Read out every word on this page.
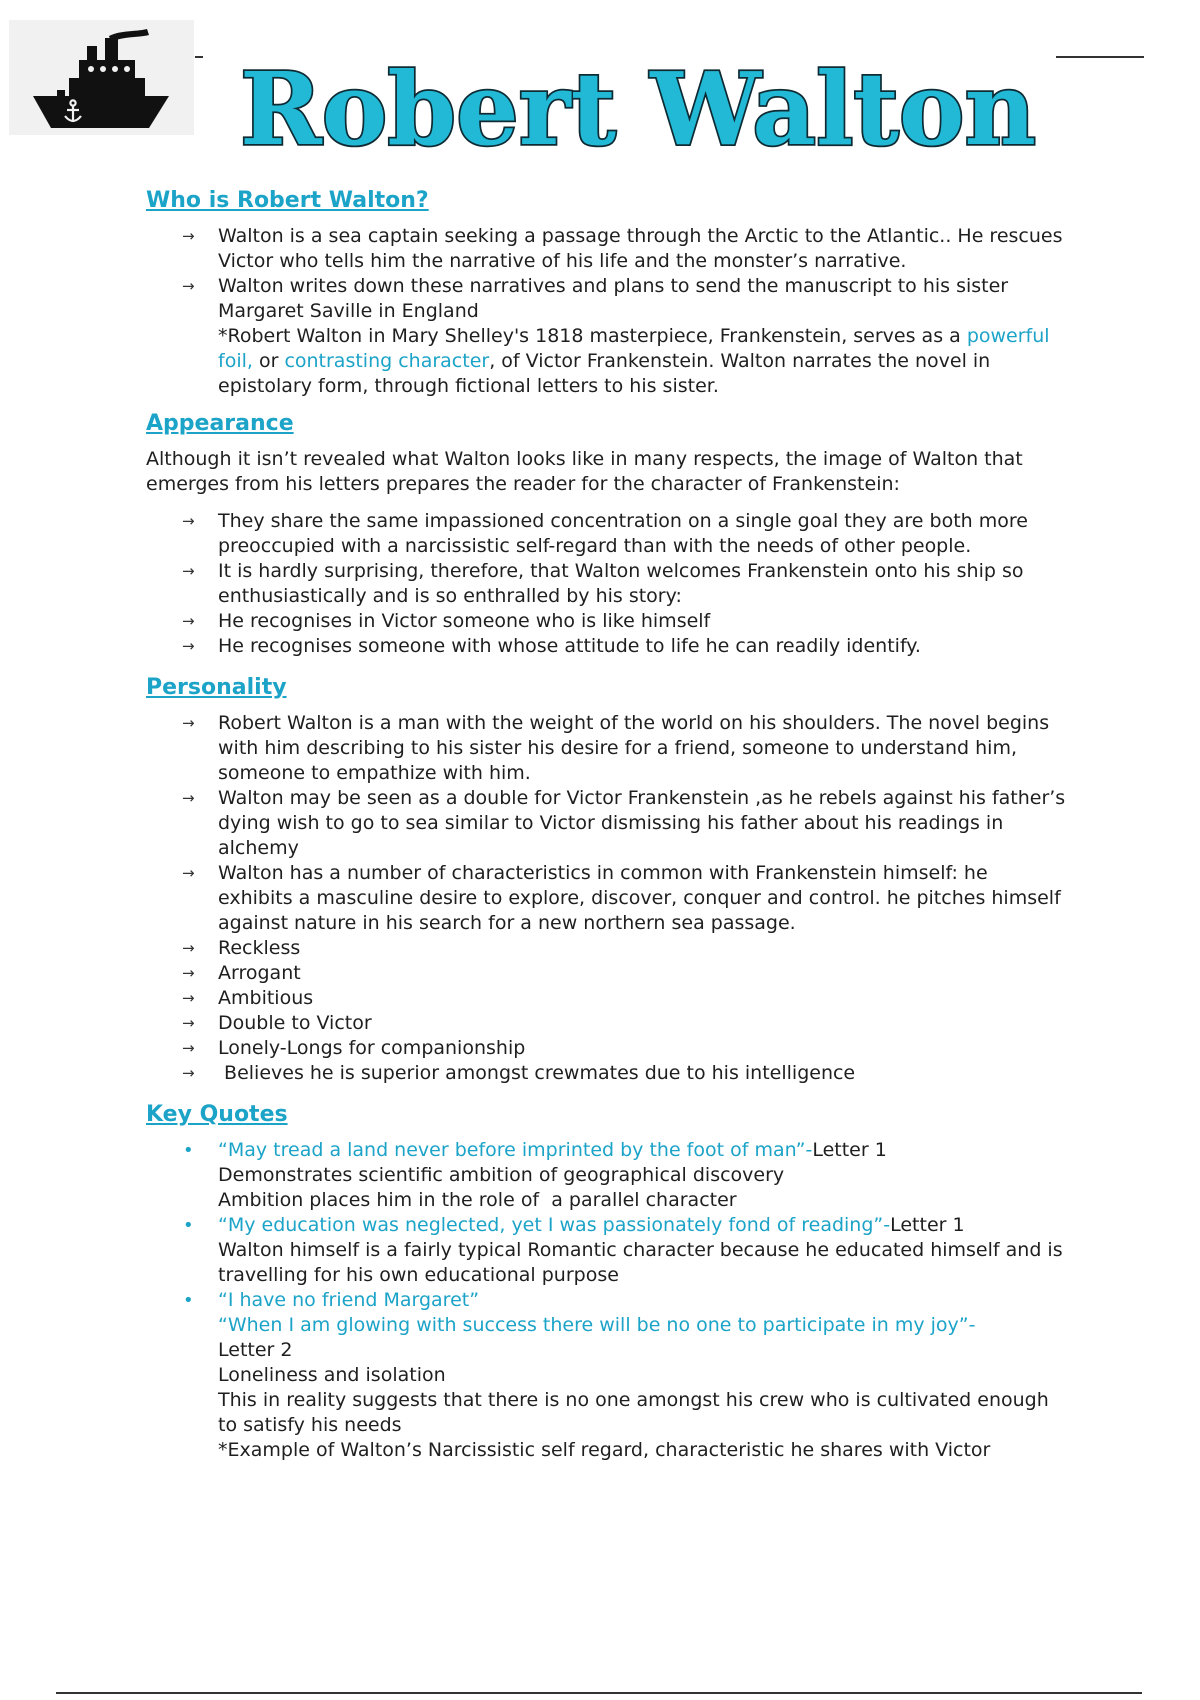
Robert Walton
Who is Robert Walton?
→ Walton is a sea captain seeking a passage through the Arctic to the Atlantic.. He rescues Victor who tells him the narrative of his life and the monster’s narrative.
→ Walton writes down these narratives and plans to send the manuscript to his sister Margaret Saville in England
*Robert Walton in Mary Shelley's 1818 masterpiece, Frankenstein, serves as a powerful foil, or contrasting character, of Victor Frankenstein. Walton narrates the novel in epistolary form, through fictional letters to his sister.
Appearance

Although it isn’t revealed what Walton looks like in many respects, the image of Walton that emerges from his letters prepares the reader for the character of Frankenstein:

→ They share the same impassioned concentration on a single goal they are both more preoccupied with a narcissistic self-regard than with the needs of other people.
→ It is hardly surprising, therefore, that Walton welcomes Frankenstein onto his ship so enthusiastically and is so enthralled by his story:
→ He recognises in Victor someone who is like himself
→ He recognises someone with whose attitude to life he can readily identify.
Personality
→ Robert Walton is a man with the weight of the world on his shoulders. The novel begins with him describing to his sister his desire for a friend, someone to understand him, someone to empathize with him.
→ Walton may be seen as a double for Victor Frankenstein ,as he rebels against his father’s dying wish to go to sea similar to Victor dismissing his father about his readings in alchemy
→ Walton has a number of characteristics in common with Frankenstein himself: he exhibits a masculine desire to explore, discover, conquer and control. he pitches himself against nature in his search for a new northern sea passage.
→ Reckless
→ Arrogant
→ Ambitious
→ Double to Victor
→ Lonely-Longs for companionship
→ Believes he is superior amongst crewmates due to his intelligence
Key Quotes
• “May tread a land never before imprinted by the foot of man”-Letter 1
Demonstrates scientific ambition of geographical discovery
Ambition places him in the role of  a parallel character
• “My education was neglected, yet I was passionately fond of reading”-Letter 1
Walton himself is a fairly typical Romantic character because he educated himself and is travelling for his own educational purpose
• “I have no friend Margaret”
“When I am glowing with success there will be no one to participate in my joy”-
Letter 2
Loneliness and isolation
This in reality suggests that there is no one amongst his crew who is cultivated enough to satisfy his needs
*Example of Walton’s Narcissistic self regard, characteristic he shares with Victor
